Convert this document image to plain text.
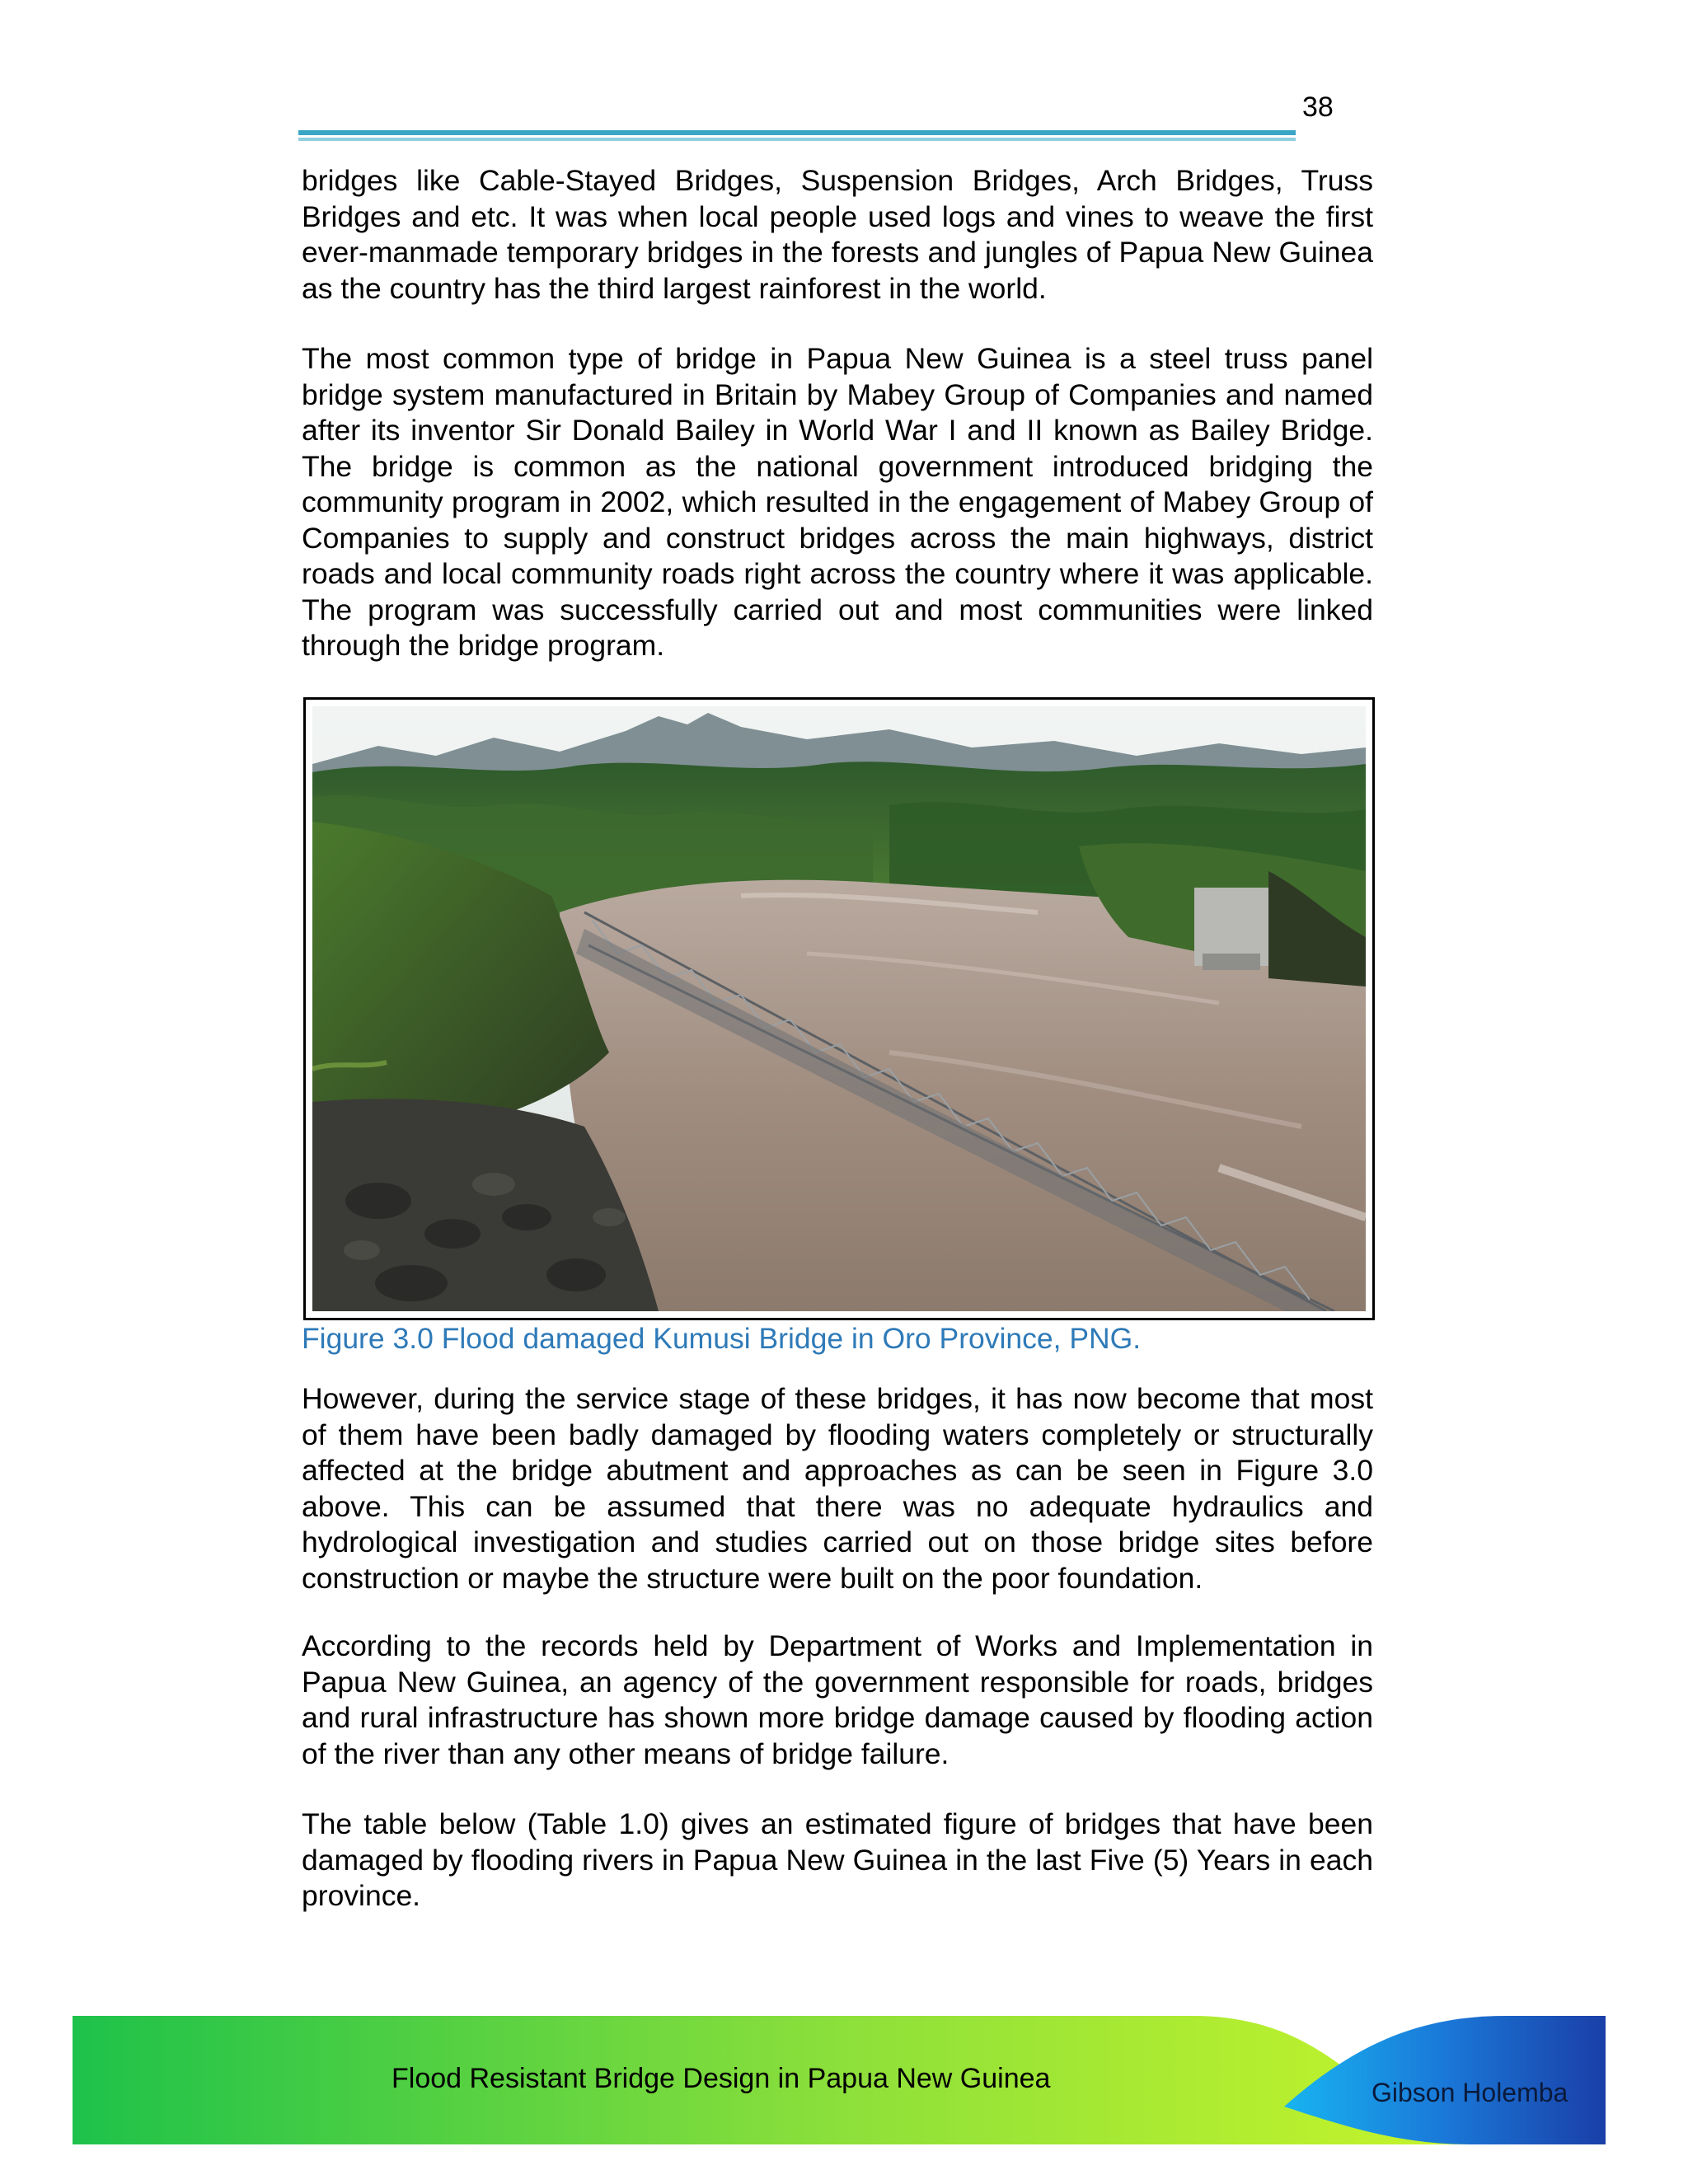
38

bridges like Cable-Stayed Bridges, Suspension Bridges, Arch Bridges, Truss Bridges and etc. It was when local people used logs and vines to weave the first ever-manmade temporary bridges in the forests and jungles of Papua New Guinea as the country has the third largest rainforest in the world.

The most common type of bridge in Papua New Guinea is a steel truss panel bridge system manufactured in Britain by Mabey Group of Companies and named after its inventor Sir Donald Bailey in World War I and II known as Bailey Bridge. The bridge is common as the national government introduced bridging the community program in 2002, which resulted in the engagement of Mabey Group of Companies to supply and construct bridges across the main highways, district roads and local community roads right across the country where it was applicable. The program was successfully carried out and most communities were linked through the bridge program.

Figure 3.0 Flood damaged Kumusi Bridge in Oro Province, PNG.

However, during the service stage of these bridges, it has now become that most of them have been badly damaged by flooding waters completely or structurally affected at the bridge abutment and approaches as can be seen in Figure 3.0 above. This can be assumed that there was no adequate hydraulics and hydrological investigation and studies carried out on those bridge sites before construction or maybe the structure were built on the poor foundation.

According to the records held by Department of Works and Implementation in Papua New Guinea, an agency of the government responsible for roads, bridges and rural infrastructure has shown more bridge damage caused by flooding action of the river than any other means of bridge failure.

The table below (Table 1.0) gives an estimated figure of bridges that have been damaged by flooding rivers in Papua New Guinea in the last Five (5) Years in each province.

Flood Resistant Bridge Design in Papua New Guinea	Gibson Holemba
